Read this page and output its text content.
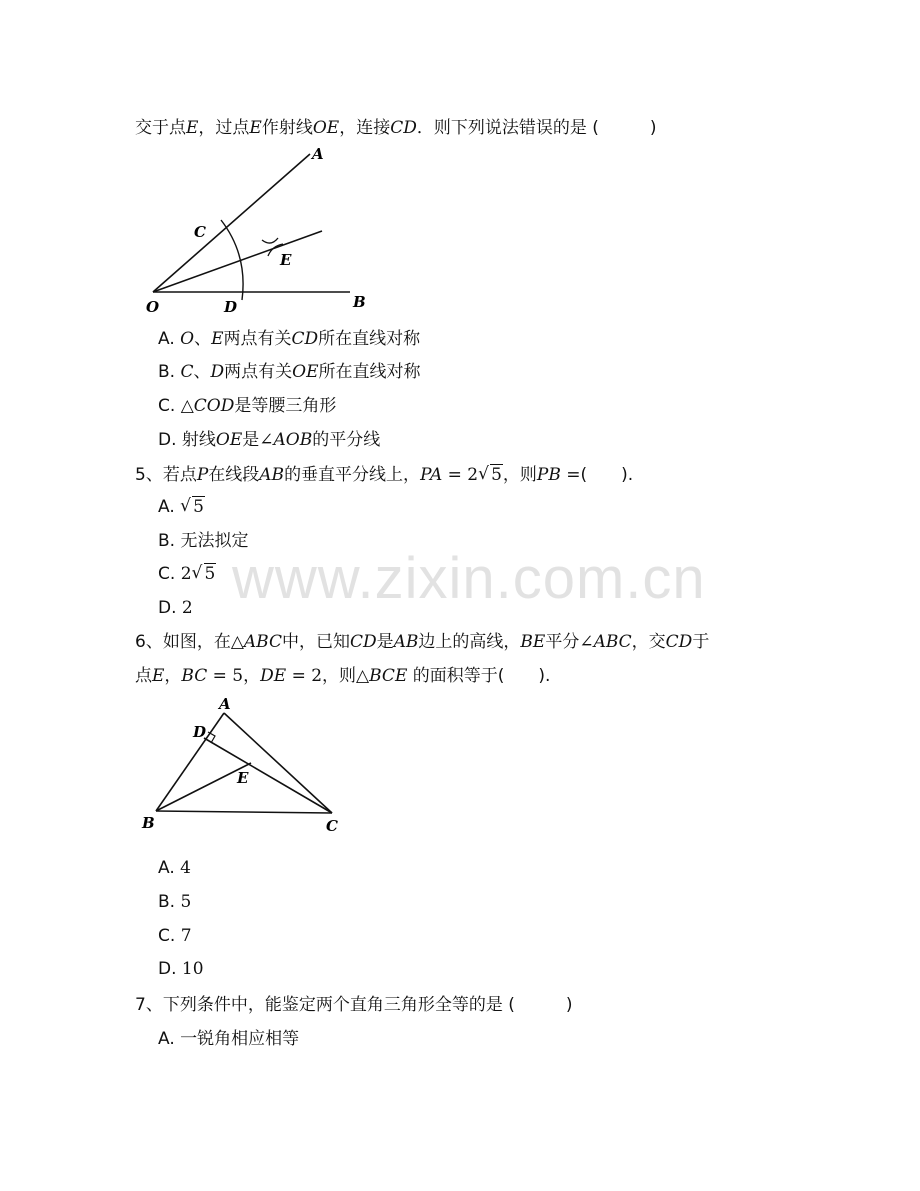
www.zixin.com.cn
交于点E，过点E作射线OE，连接CD．则下列说法错误的是 (　　　)
A
C
E
O	D	B
A. O、E两点有关CD所在直线对称
B. C、D两点有关OE所在直线对称
C. △COD是等腰三角形
D. 射线OE是∠AOB的平分线
5、若点P在线段AB的垂直平分线上，PA = 2 √ 5，则PB =(　　).
A. √ 5
B. 无法拟定
C. 2 √ 5
D. 2
6、如图，在△ABC中，已知CD是AB边上的高线，BE平分∠ABC，交CD于
点E，BC = 5，DE = 2，则△BCE 的面积等于(　　).
A
D
E
B	C
A. 4
B. 5
C. 7
D. 10
7、下列条件中，能鉴定两个直角三角形全等的是 (　　　)
A. 一锐角相应相等
